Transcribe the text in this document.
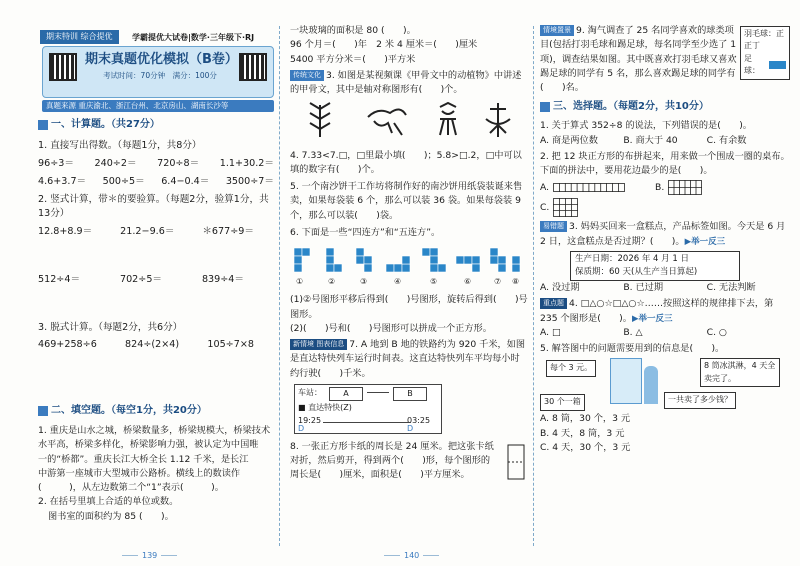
期末特训 综合提优	学霸提优大试卷|数学·三年级下·RJ
期末真题优化模拟（B卷）
考试时间：70分钟　满分：100分
真题来源 重庆渝北、浙江台州、北京房山、湖南长沙等
一、计算题。（共27分）
1. 直接写出得数。（每题1分，共8分）
96÷3＝ 240÷2＝ 720÷8＝ 1.1+30.2＝
4.6+3.7＝ 500÷5＝ 6.4−0.4＝ 3500÷7＝
2. 竖式计算，带＊的要验算。（每题2分，验算1分，共13分）
12.8+8.9＝	21.2−9.6＝	＊677÷9＝
512÷4＝	702÷5＝	839÷4＝
3. 脱式计算。（每题2分，共6分）
469+258÷6	824÷(2×4)	105÷7×8
二、填空题。（每空1分，共20分）
1. 重庆是山水之城，桥梁数量多，桥梁规模大，桥梁技术
水平高，桥梁多样化，桥梁影响力强，被认定为中国唯
一的“桥都”。重庆长江大桥全长 1.12 千米，是长江
中游第一座城市大型城市公路桥。横线上的数读作
(　　　)，从左边数第二个“1”表示(　　　)。
2. 在括号里填上合适的单位或数。
图书室的面积约为 85 (　　)。
139
一块玻璃的面积是 80 (　　)。
96 个月＝(　　)年　2 米 4 厘米＝(　　)厘米
5400 平方分米＝(　　)平方米
传统文化 3. 如图是某视频课《甲骨文中的动植物》中讲述的甲骨文，其中是轴对称图形有(　　)个。
4. 7.33<7.□，□里最小填(　　)；5.8>□.2，□中可以填的数字有(　　)个。
5. 一个南沙饼干工作坊将制作好的南沙饼用纸袋装诞来售卖，如果每袋装 6 个，那么可以装 36 袋。如果每袋装 9 个，那么可以装(　　)袋。
6. 下面是一些“四连方”和“五连方”。
①	②	③	④	⑤	⑥	⑦ ⑧
(1)②号图形平移后得到(　　)号图形，旋转后得到(　　)号图形。
(2)(　　)号和(　　)号图形可以拼成一个正方形。
新情境 图表信息 7. A 地到 B 地的铁路约为 920 千米，如图是直达特快列车运行时间表。这直达特快列车平均每小时约行驶(　　)千米。
车站：	A	B
■ 直达特快(Z)
19:25	03:25
D	D
8. 一张正方形卡纸的周长是 24 厘米。把这张卡纸对折，然后剪开，得到两个(　　)形，每个图形的周长是(　　)厘米，面积是(　　)平方厘米。
140
情境置景 9. 淘气调查了 25 名同学喜欢的球类项目(包括打羽毛球和踢足球，每名同学至少选了 1 项)，调查结果如图。其中既喜欢打羽毛球又喜欢踢足球的同学有 5 名，那么喜欢踢足球的同学有(　　)名。
羽毛球：正正丁
足球：
三、选择题。（每题2分，共10分）
1. 关于算式 352÷8 的说法，下列错误的是(　　)。
A. 商是两位数	B. 商大于 40	C. 有余数
2. 把 12 块正方形的布拼起来，用来做一个围成一圈的桌布。下面的拼法中，要用花边最少的是(　　)。
A.	B.
C.
易错题 3. 妈妈买回来一盒糕点，产品标签如图。今天是 6 月 2 日，这盒糕点是否过期？(　　)。▶举一反三
生产日期：2026 年 4 月 1 日
保质期：60 天(从生产当日算起)
A. 没过期	B. 已过期	C. 无法判断
重点题 4. □△○☆□△○☆……按照这样的规律排下去，第 235 个图形是(　　)。▶举一反三
A. □	B. △	C. ○
5. 解答图中的问题需要用到的信息是(　　)。
每个 3 元。	8 筒冰淇淋，4 天全卖完了。
30 个一箱	一共卖了多少钱？
A. 8 筒，30 个，3 元
B. 4 天，8 筒，3 元
C. 4 天，30 个，3 元
